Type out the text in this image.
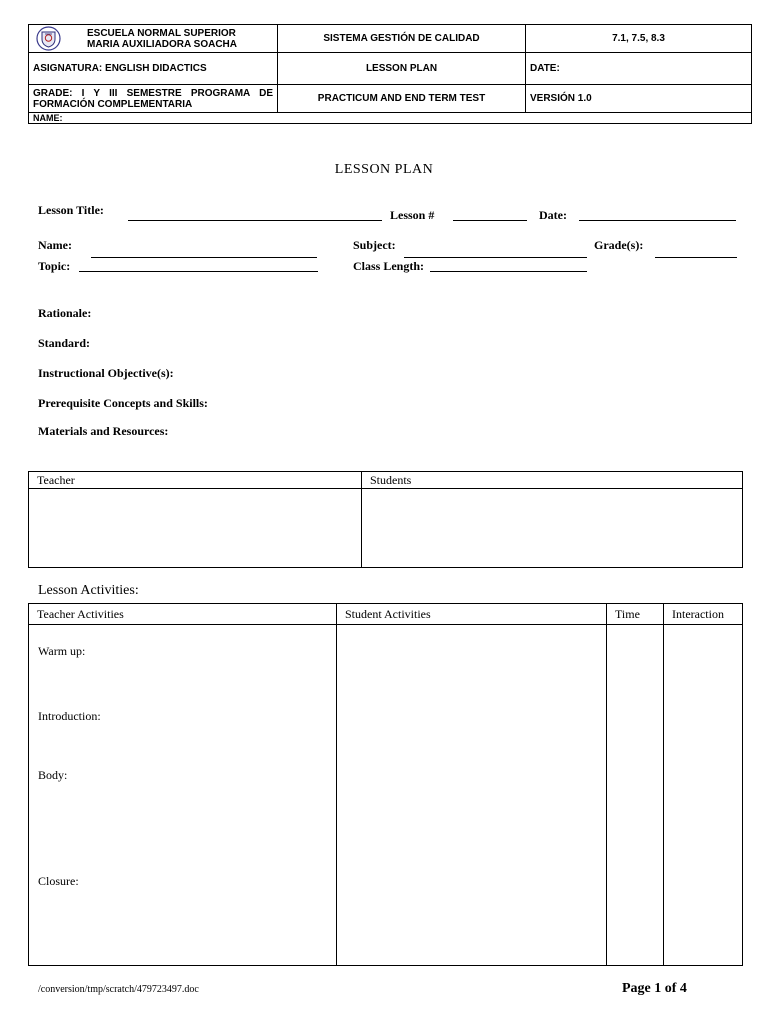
ESCUELA NORMAL SUPERIOR
MARIA AUXILIADORA SOACHA	SISTEMA GESTIÓN DE CALIDAD	7.1, 7.5, 8.3
ASIGNATURA: ENGLISH DIDACTICS	LESSON PLAN	DATE:
GRADE: I Y III SEMESTRE PROGRAMA DE FORMACIÓN COMPLEMENTARIA	PRACTICUM AND END TERM TEST	VERSIÓN 1.0
NAME:		
LESSON PLAN
Lesson Title:	Lesson #	Date:
Name:	Subject:	Grade(s):
Topic:	Class Length:
Rationale:
Standard:
Instructional Objective(s):
Prerequisite Concepts and Skills:
Materials and Resources:
Teacher	Students

Lesson Activities:
Teacher Activities	Student Activities	Time	Interaction

Warm up:
Introduction:
Body:
Closure:			

/conversion/tmp/scratch/479723497.doc	Page 1 of 4
